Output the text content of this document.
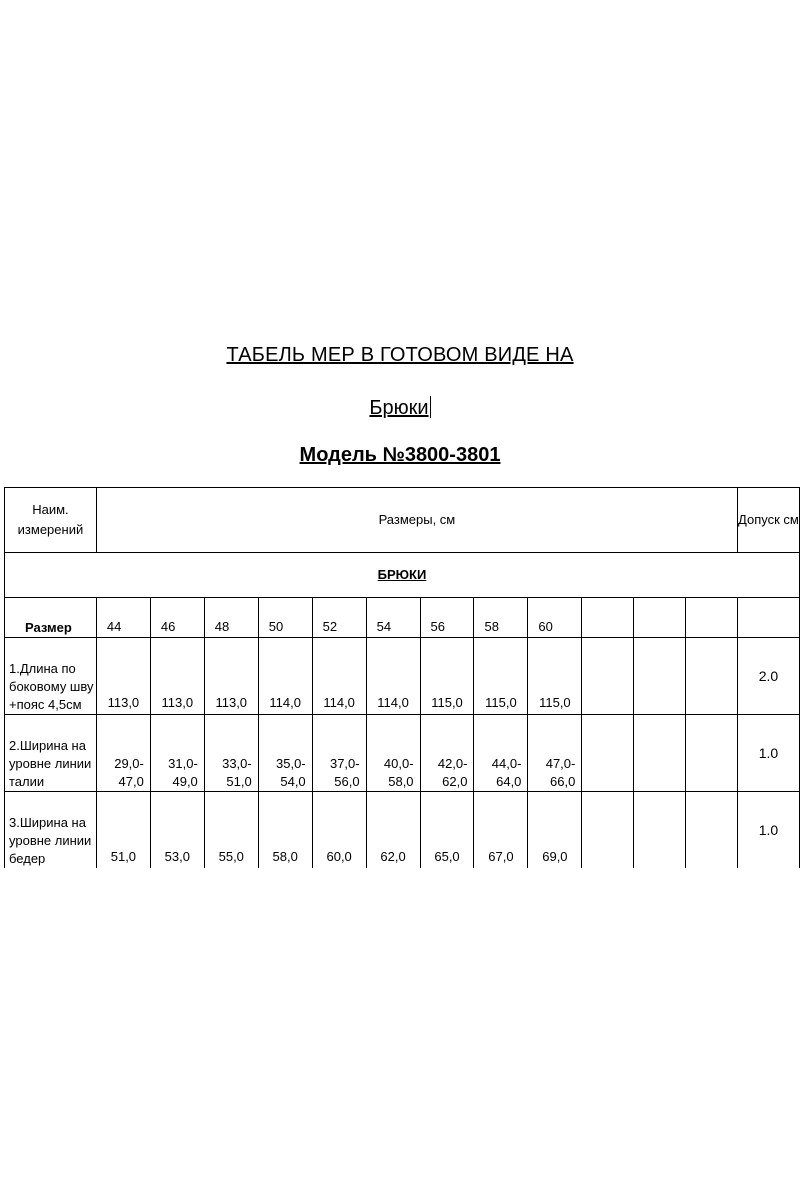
ТАБЕЛЬ МЕР В ГОТОВОМ ВИДЕ НА
Брюки
Модель №3800-3801
Наим. измерений	Размеры, см												Допуск см
БРЮКИ													
Размер	44	46	48	50	52	54	56	58	60				
1.Длина по боковому шву +пояс 4,5см	113,0	113,0	113,0	114,0	114,0	114,0	115,0	115,0	115,0				2.0
2.Ширина на уровне линии талии	29,0-47,0	31,0-49,0	33,0-51,0	35,0-54,0	37,0-56,0	40,0-58,0	42,0-62,0	44,0-64,0	47,0-66,0				1.0
3.Ширина на уровне линии бедер	51,0	53,0	55,0	58,0	60,0	62,0	65,0	67,0	69,0				1.0
